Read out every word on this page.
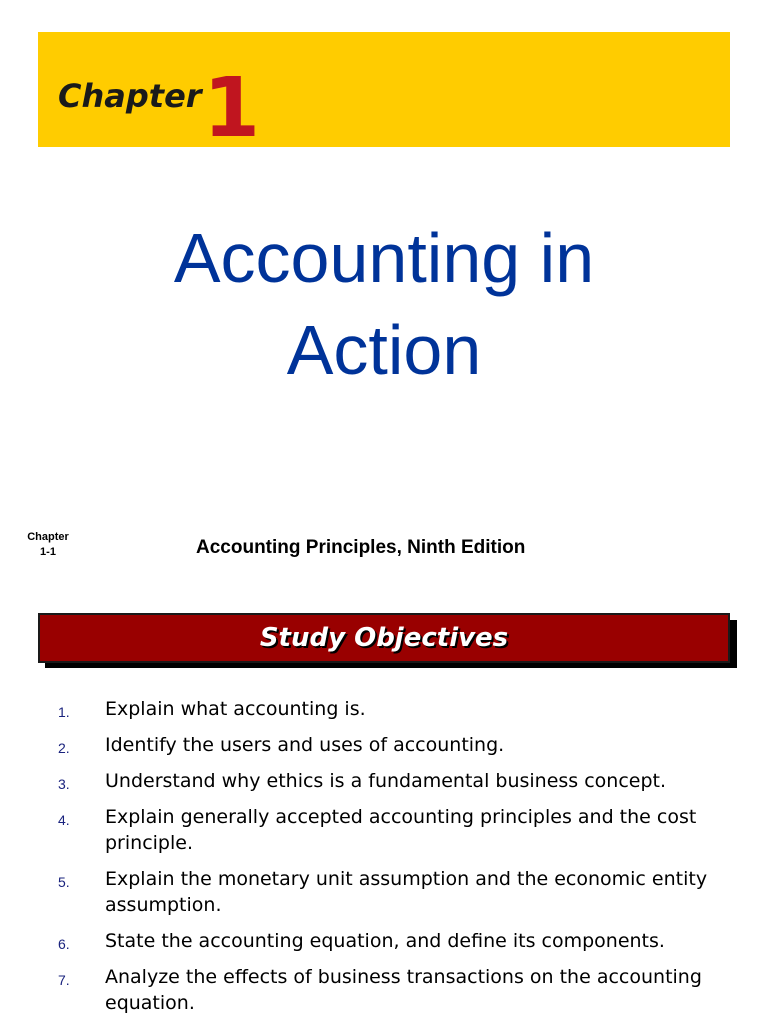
Chapter 1
Accounting in
Action
Chapter
1-1	Accounting Principles, Ninth Edition
Study Objectives
1. Explain what accounting is.
2. Identify the users and uses of accounting.
3. Understand why ethics is a fundamental business concept.
4. Explain generally accepted accounting principles and the cost principle.
5. Explain the monetary unit assumption and the economic entity assumption.
6. State the accounting equation, and define its components.
7. Analyze the effects of business transactions on the accounting equation.
